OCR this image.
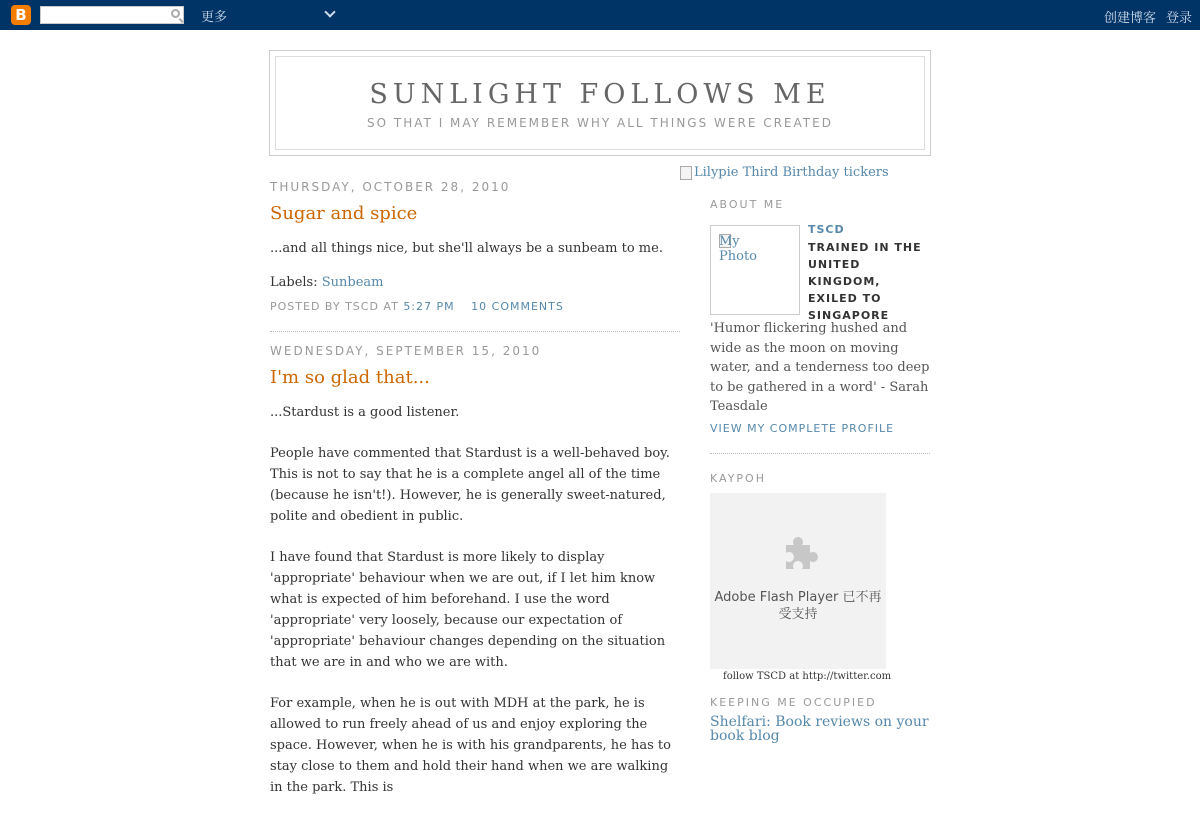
B	更多	创建博客 登录
SUNLIGHT FOLLOWS ME
SO THAT I MAY REMEMBER WHY ALL THINGS WERE CREATED
THURSDAY, OCTOBER 28, 2010
Sugar and spice

...and all things nice, but she'll always be a sunbeam to me.

Labels: Sunbeam
POSTED BY TSCD AT 5:27 PM 10 COMMENTS
WEDNESDAY, SEPTEMBER 15, 2010
I'm so glad that...

...Stardust is a good listener.

People have commented that Stardust is a well-behaved boy. This is not to say that he is a complete angel all of the time (because he isn't!). However, he is generally sweet-natured, polite and obedient in public.

I have found that Stardust is more likely to display 'appropriate' behaviour when we are out, if I let him know what is expected of him beforehand. I use the word 'appropriate' very loosely, because our expectation of 'appropriate' behaviour changes depending on the situation that we are in and who we are with.

For example, when he is out with MDH at the park, he is allowed to run freely ahead of us and enjoy exploring the space. However, when he is with his grandparents, he has to stay close to them and hold their hand when we are walking in the park. This is

Lilypie Third Birthday tickers
ABOUT ME
My Photo
TSCD
TRAINED IN THE UNITED KINGDOM, EXILED TO SINGAPORE
'Humor flickering hushed and wide as the moon on moving water, and a tenderness too deep to be gathered in a word' - Sarah Teasdale
VIEW MY COMPLETE PROFILE
KAYPOH
Adobe Flash Player 已不再受支持
follow TSCD at http://twitter.com
KEEPING ME OCCUPIED
Shelfari: Book reviews on your book blog
